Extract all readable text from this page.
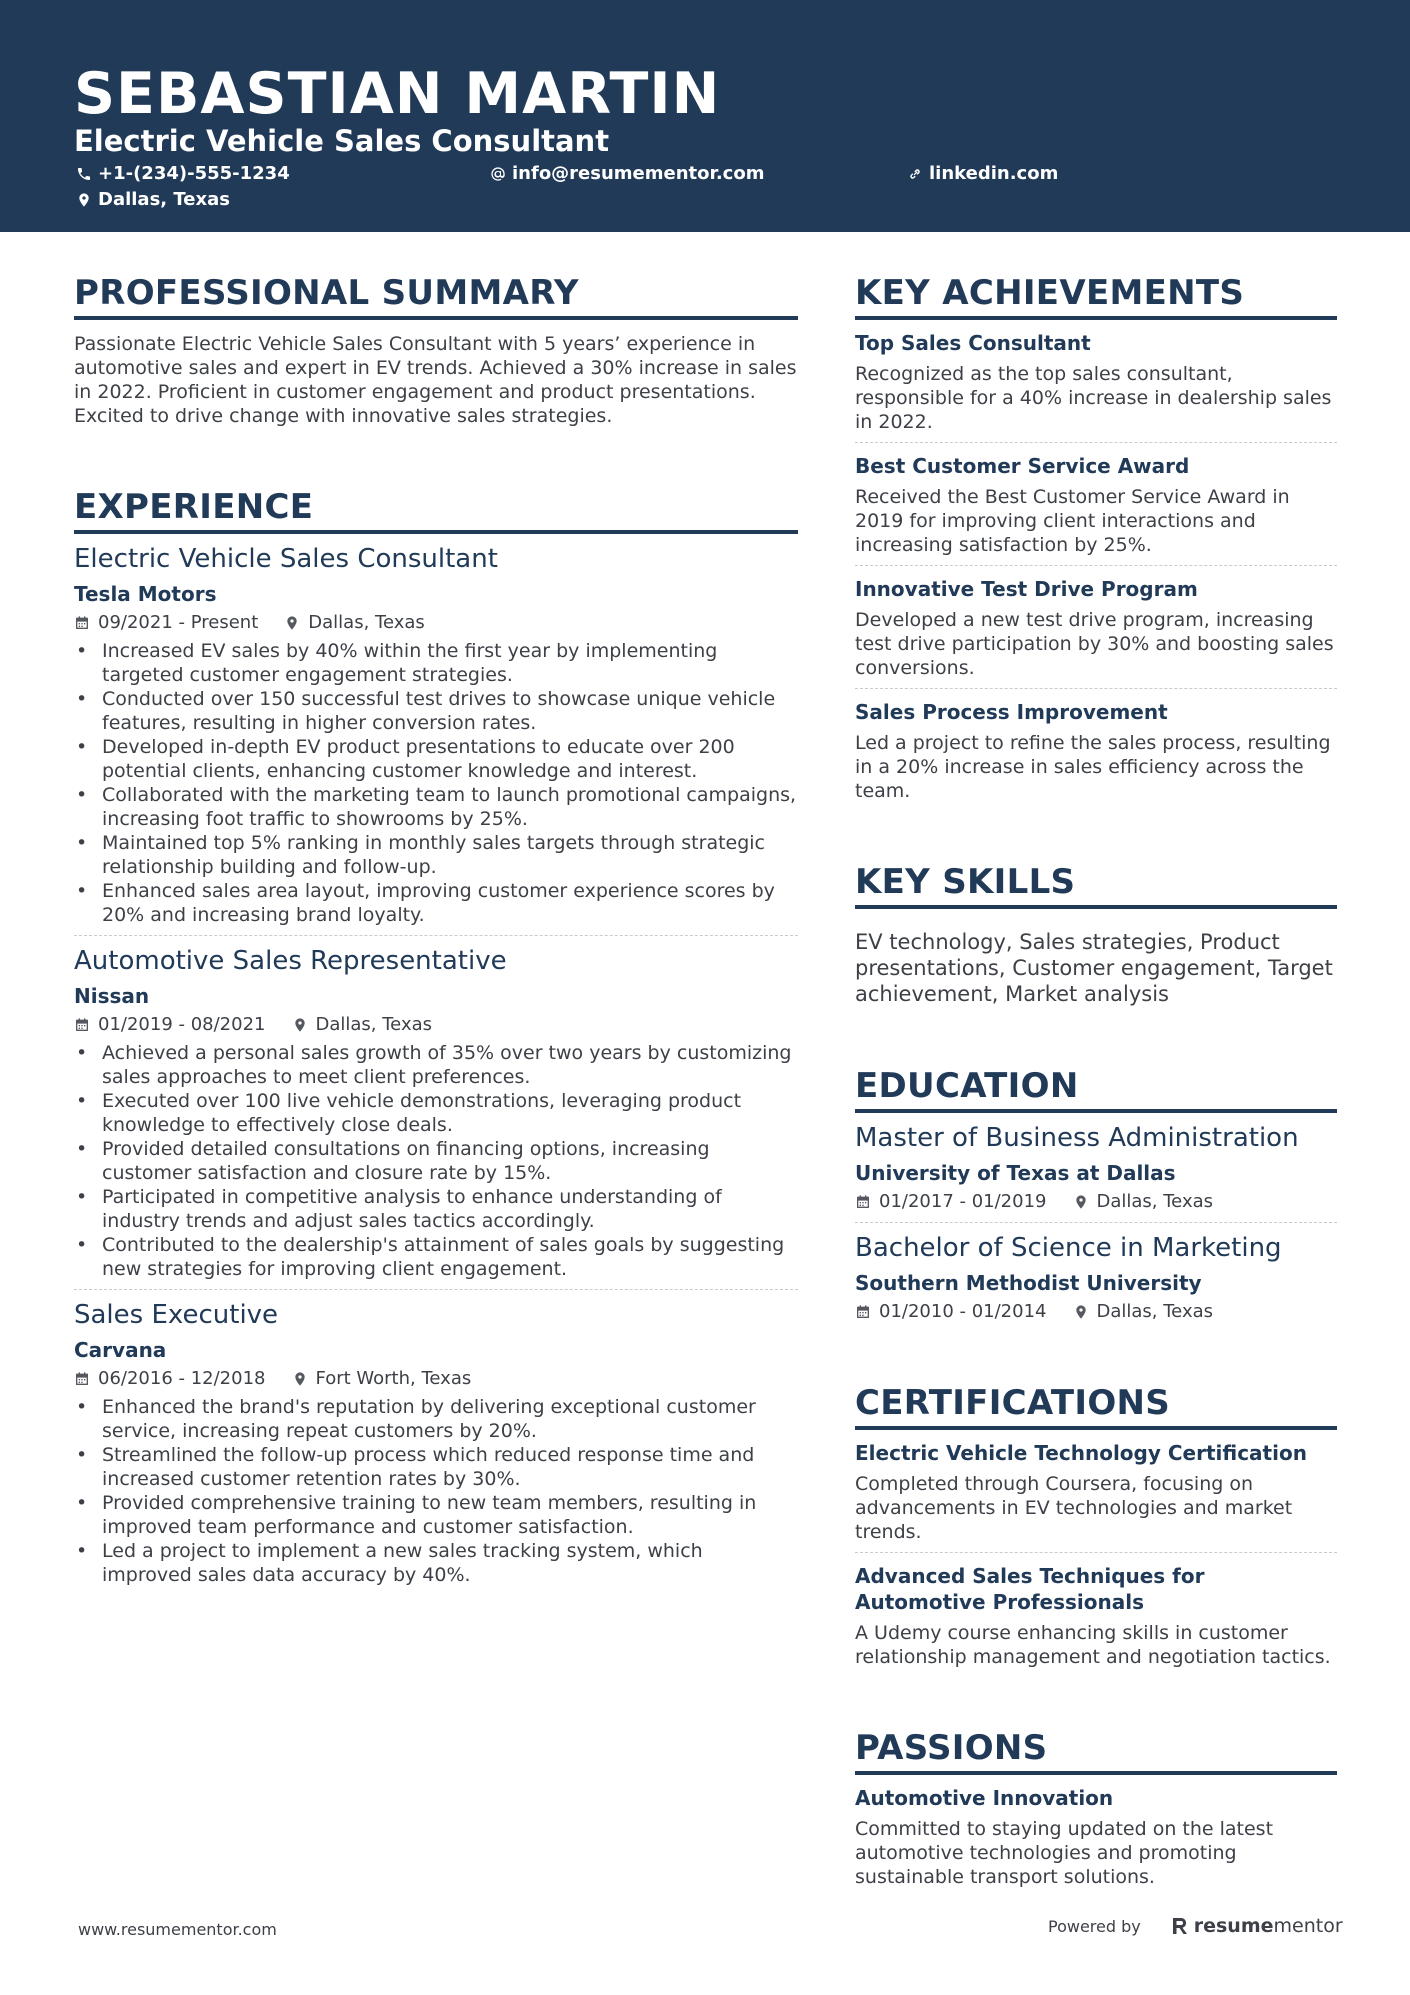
SEBASTIAN MARTIN
Electric Vehicle Sales Consultant
+1-(234)-555-1234	info@resumementor.com	linkedin.com
Dallas, Texas
PROFESSIONAL SUMMARY
Passionate Electric Vehicle Sales Consultant with 5 years’ experience in automotive sales and expert in EV trends. Achieved a 30% increase in sales in 2022. Proficient in customer engagement and product presentations. Excited to drive change with innovative sales strategies.
EXPERIENCE
Electric Vehicle Sales Consultant
Tesla Motors
09/2021 - Present	Dallas, Texas
• Increased EV sales by 40% within the first year by implementing targeted customer engagement strategies.
• Conducted over 150 successful test drives to showcase unique vehicle features, resulting in higher conversion rates.
• Developed in-depth EV product presentations to educate over 200 potential clients, enhancing customer knowledge and interest.
• Collaborated with the marketing team to launch promotional campaigns, increasing foot traffic to showrooms by 25%.
• Maintained top 5% ranking in monthly sales targets through strategic relationship building and follow-up.
• Enhanced sales area layout, improving customer experience scores by 20% and increasing brand loyalty.
Automotive Sales Representative
Nissan
01/2019 - 08/2021	Dallas, Texas
• Achieved a personal sales growth of 35% over two years by customizing sales approaches to meet client preferences.
• Executed over 100 live vehicle demonstrations, leveraging product knowledge to effectively close deals.
• Provided detailed consultations on financing options, increasing customer satisfaction and closure rate by 15%.
• Participated in competitive analysis to enhance understanding of industry trends and adjust sales tactics accordingly.
• Contributed to the dealership's attainment of sales goals by suggesting new strategies for improving client engagement.
Sales Executive
Carvana
06/2016 - 12/2018	Fort Worth, Texas
• Enhanced the brand's reputation by delivering exceptional customer service, increasing repeat customers by 20%.
• Streamlined the follow-up process which reduced response time and increased customer retention rates by 30%.
• Provided comprehensive training to new team members, resulting in improved team performance and customer satisfaction.
• Led a project to implement a new sales tracking system, which improved sales data accuracy by 40%.
KEY ACHIEVEMENTS
Top Sales Consultant
Recognized as the top sales consultant, responsible for a 40% increase in dealership sales in 2022.
Best Customer Service Award
Received the Best Customer Service Award in 2019 for improving client interactions and increasing satisfaction by 25%.
Innovative Test Drive Program
Developed a new test drive program, increasing test drive participation by 30% and boosting sales conversions.
Sales Process Improvement
Led a project to refine the sales process, resulting in a 20% increase in sales efficiency across the team.
KEY SKILLS
EV technology, Sales strategies, Product presentations, Customer engagement, Target achievement, Market analysis
EDUCATION
Master of Business Administration
University of Texas at Dallas
01/2017 - 01/2019	Dallas, Texas
Bachelor of Science in Marketing
Southern Methodist University
01/2010 - 01/2014	Dallas, Texas
CERTIFICATIONS
Electric Vehicle Technology Certification
Completed through Coursera, focusing on advancements in EV technologies and market trends.
Advanced Sales Techniques for Automotive Professionals
A Udemy course enhancing skills in customer relationship management and negotiation tactics.
PASSIONS
Automotive Innovation
Committed to staying updated on the latest automotive technologies and promoting sustainable transport solutions.
www.resumementor.com	Powered by	resumementor
